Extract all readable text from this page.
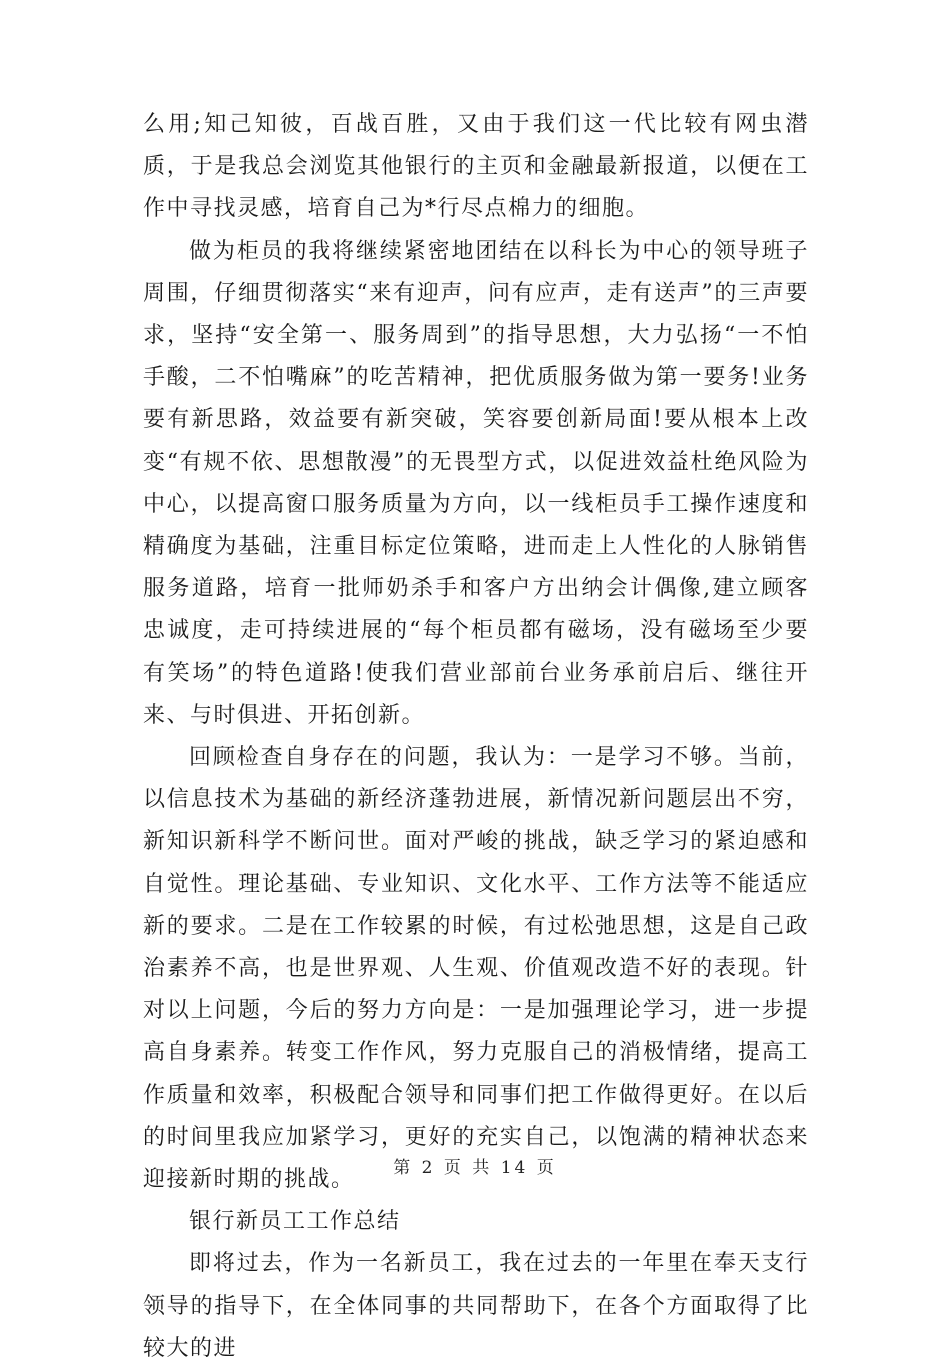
么用;知己知彼，百战百胜，又由于我们这一代比较有网虫潜质，于是我总会浏览其他银行的主页和金融最新报道，以便在工作中寻找灵感，培育自己为*行尽点棉力的细胞。

做为柜员的我将继续紧密地团结在以科长为中心的领导班子周围，仔细贯彻落实“来有迎声，问有应声，走有送声”的三声要求，坚持“安全第一、服务周到”的指导思想，大力弘扬“一不怕手酸，二不怕嘴麻”的吃苦精神，把优质服务做为第一要务!业务要有新思路，效益要有新突破，笑容要创新局面!要从根本上改变“有规不依、思想散漫”的无畏型方式，以促进效益杜绝风险为中心，以提高窗口服务质量为方向，以一线柜员手工操作速度和精确度为基础，注重目标定位策略，进而走上人性化的人脉销售服务道路，培育一批师奶杀手和客户方出纳会计偶像,建立顾客忠诚度，走可持续进展的“每个柜员都有磁场，没有磁场至少要有笑场”的特色道路!使我们营业部前台业务承前启后、继往开来、与时俱进、开拓创新。

回顾检查自身存在的问题，我认为：一是学习不够。当前，以信息技术为基础的新经济蓬勃进展，新情况新问题层出不穷，新知识新科学不断问世。面对严峻的挑战，缺乏学习的紧迫感和自觉性。理论基础、专业知识、文化水平、工作方法等不能适应新的要求。二是在工作较累的时候，有过松弛思想，这是自己政治素养不高，也是世界观、人生观、价值观改造不好的表现。针对以上问题，今后的努力方向是：一是加强理论学习，进一步提高自身素养。转变工作作风，努力克服自己的消极情绪，提高工作质量和效率，积极配合领导和同事们把工作做得更好。在以后的时间里我应加紧学习，更好的充实自己，以饱满的精神状态来迎接新时期的挑战。

银行新员工工作总结

即将过去，作为一名新员工，我在过去的一年里在奉天支行领导的指导下，在全体同事的共同帮助下，在各个方面取得了比较大的进

第 2 页 共 14 页
